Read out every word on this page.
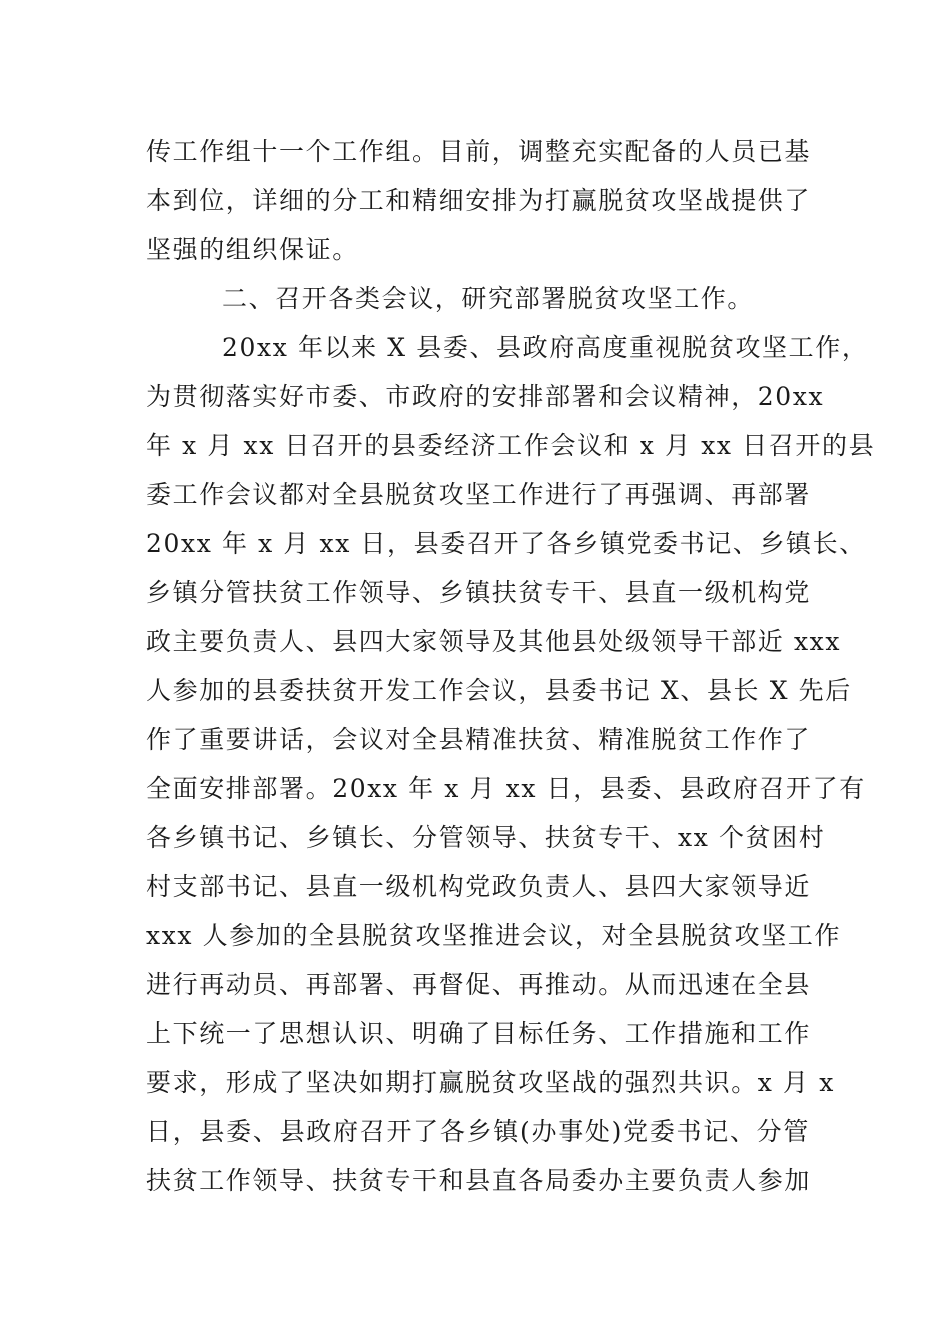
传工作组十一个工作组。目前，调整充实配备的人员已基
本到位，详细的分工和精细安排为打赢脱贫攻坚战提供了
坚强的组织保证。
二、召开各类会议，研究部署脱贫攻坚工作。
20xx 年以来 X 县委、县政府高度重视脱贫攻坚工作，
为贯彻落实好市委、市政府的安排部署和会议精神，20xx
年 x 月 xx 日召开的县委经济工作会议和 x 月 xx 日召开的县
委工作会议都对全县脱贫攻坚工作进行了再强调、再部署
20xx 年 x 月 xx 日，县委召开了各乡镇党委书记、乡镇长、
乡镇分管扶贫工作领导、乡镇扶贫专干、县直一级机构党
政主要负责人、县四大家领导及其他县处级领导干部近 xxx
人参加的县委扶贫开发工作会议，县委书记 X、县长 X 先后
作了重要讲话，会议对全县精准扶贫、精准脱贫工作作了
全面安排部署。20xx 年 x 月 xx 日，县委、县政府召开了有
各乡镇书记、乡镇长、分管领导、扶贫专干、xx 个贫困村
村支部书记、县直一级机构党政负责人、县四大家领导近
xxx 人参加的全县脱贫攻坚推进会议，对全县脱贫攻坚工作
进行再动员、再部署、再督促、再推动。从而迅速在全县
上下统一了思想认识、明确了目标任务、工作措施和工作
要求，形成了坚决如期打赢脱贫攻坚战的强烈共识。x 月 x
日，县委、县政府召开了各乡镇(办事处)党委书记、分管
扶贫工作领导、扶贫专干和县直各局委办主要负责人参加
